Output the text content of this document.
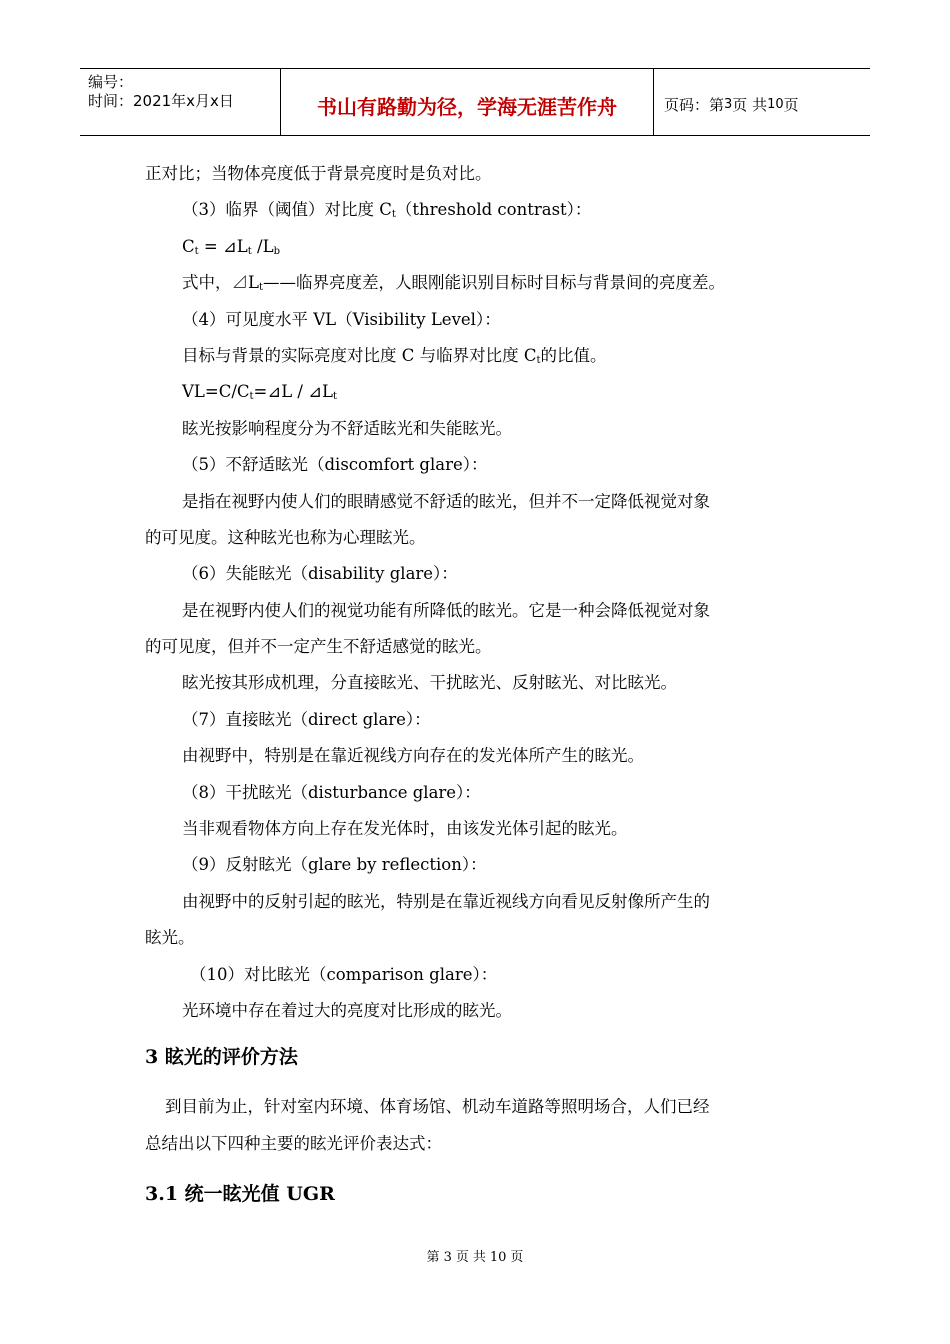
编号：
时间：2021年x月x日	书山有路勤为径，学海无涯苦作舟	页码：第 3 页 共 10 页
正对比；当物体亮度低于背景亮度时是负对比。
（3）临界（阈值）对比度 $C_t(threshold$ contrast）：
$C_t$ = $⊿L_t$ $/L_b$
式中，$⊿L_t——$临界亮度差，人眼刚能识别目标时目标与背景间的亮度差。
（4）可见度水平 VL（Visibility Level）：
目标与背景的实际亮度对比度 C 与临界对比度 $C_t$的比值。
$VL=C/C_t=⊿L$ / $⊿L_t$
眩光按影响程度分为不舒适眩光和失能眩光。
（5）不舒适眩光（discomfort glare）：
是指在视野内使人们的眼睛感觉不舒适的眩光，但并不一定降低视觉对象
的可见度。这种眩光也称为心理眩光。
（6）失能眩光（disability glare）：
是在视野内使人们的视觉功能有所降低的眩光。它是一种会降低视觉对象
的可见度，但并不一定产生不舒适感觉的眩光。
眩光按其形成机理，分直接眩光、干扰眩光、反射眩光、对比眩光。
（7）直接眩光（direct glare）：
由视野中，特别是在靠近视线方向存在的发光体所产生的眩光。
（8）干扰眩光（disturbance glare）：
当非观看物体方向上存在发光体时，由该发光体引起的眩光。
（9）反射眩光（glare by reflection）：
由视野中的反射引起的眩光，特别是在靠近视线方向看见反射像所产生的
眩光。
（10）对比眩光（comparison glare）：
光环境中存在着过大的亮度对比形成的眩光。
3 眩光的评价方法
到目前为止，针对室内环境、体育场馆、机动车道路等照明场合，人们已经
总结出以下四种主要的眩光评价表达式：
3.1 统一眩光值 UGR
第 3 页 共 10 页
